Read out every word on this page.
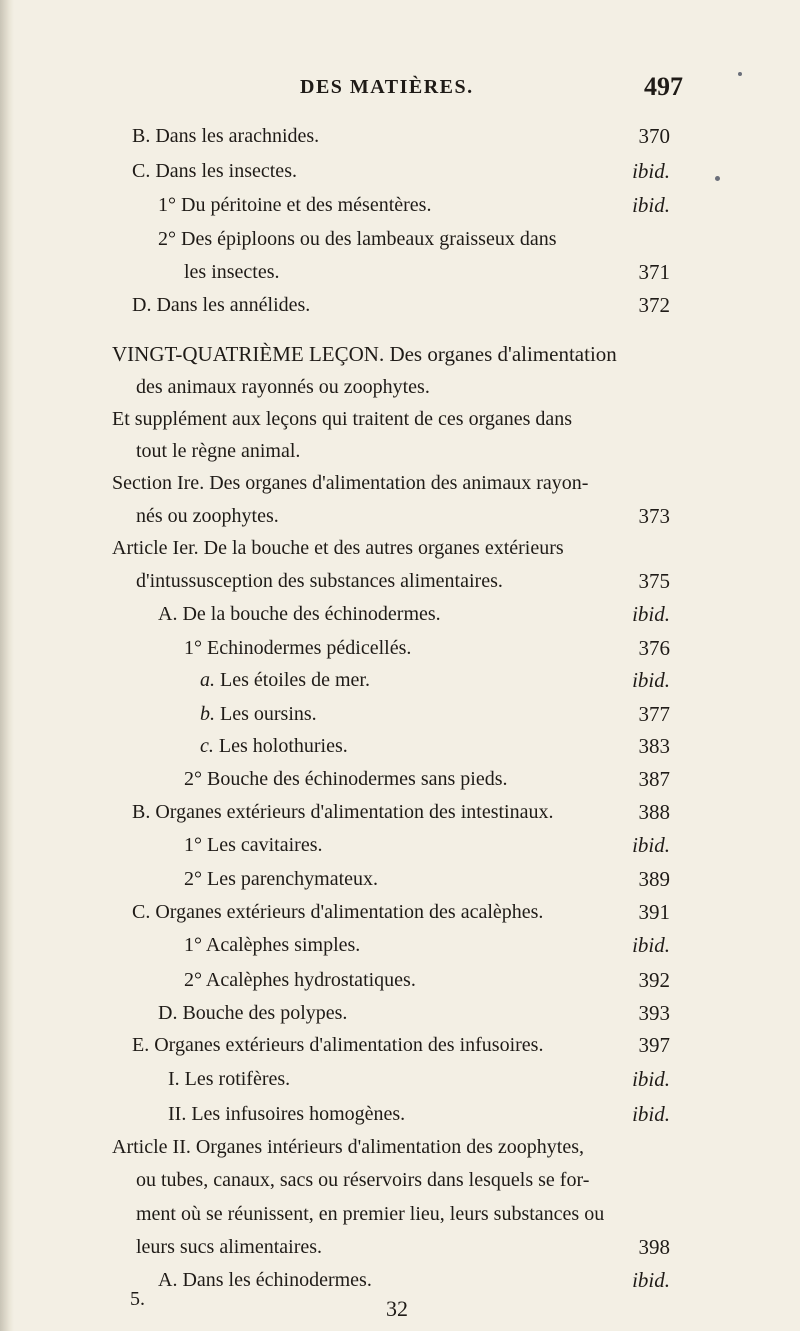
DES MATIÈRES.	497
B. Dans les arachnides.	370
C. Dans les insectes.	ibid.
1° Du péritoine et des mésentères.	ibid.
2° Des épiploons ou des lambeaux graisseux dans
les insectes.	371
D. Dans les annélides.	372
VINGT-QUATRIÈME LEÇON. Des organes d'alimentation
des animaux rayonnés ou zoophytes.
Et supplément aux leçons qui traitent de ces organes dans
tout le règne animal.
Section Ire. Des organes d'alimentation des animaux rayon-
nés ou zoophytes.	373
Article Ier. De la bouche et des autres organes extérieurs
d'intussusception des substances alimentaires.	375
A. De la bouche des échinodermes.	ibid.
1° Echinodermes pédicellés.	376
a. Les étoiles de mer.	ibid.
b. Les oursins.	377
c. Les holothuries.	383
2° Bouche des échinodermes sans pieds.	387
B. Organes extérieurs d'alimentation des intestinaux.	388
1° Les cavitaires.	ibid.
2° Les parenchymateux.	389
C. Organes extérieurs d'alimentation des acalèphes.	391
1° Acalèphes simples.	ibid.
2° Acalèphes hydrostatiques.	392
D. Bouche des polypes.	393
E. Organes extérieurs d'alimentation des infusoires.	397
I. Les rotifères.	ibid.
II. Les infusoires homogènes.	ibid.
Article II. Organes intérieurs d'alimentation des zoophytes,
ou tubes, canaux, sacs ou réservoirs dans lesquels se for-
ment où se réunissent, en premier lieu, leurs substances ou
leurs sucs alimentaires.	398
A. Dans les échinodermes.	ibid.
5.	32
